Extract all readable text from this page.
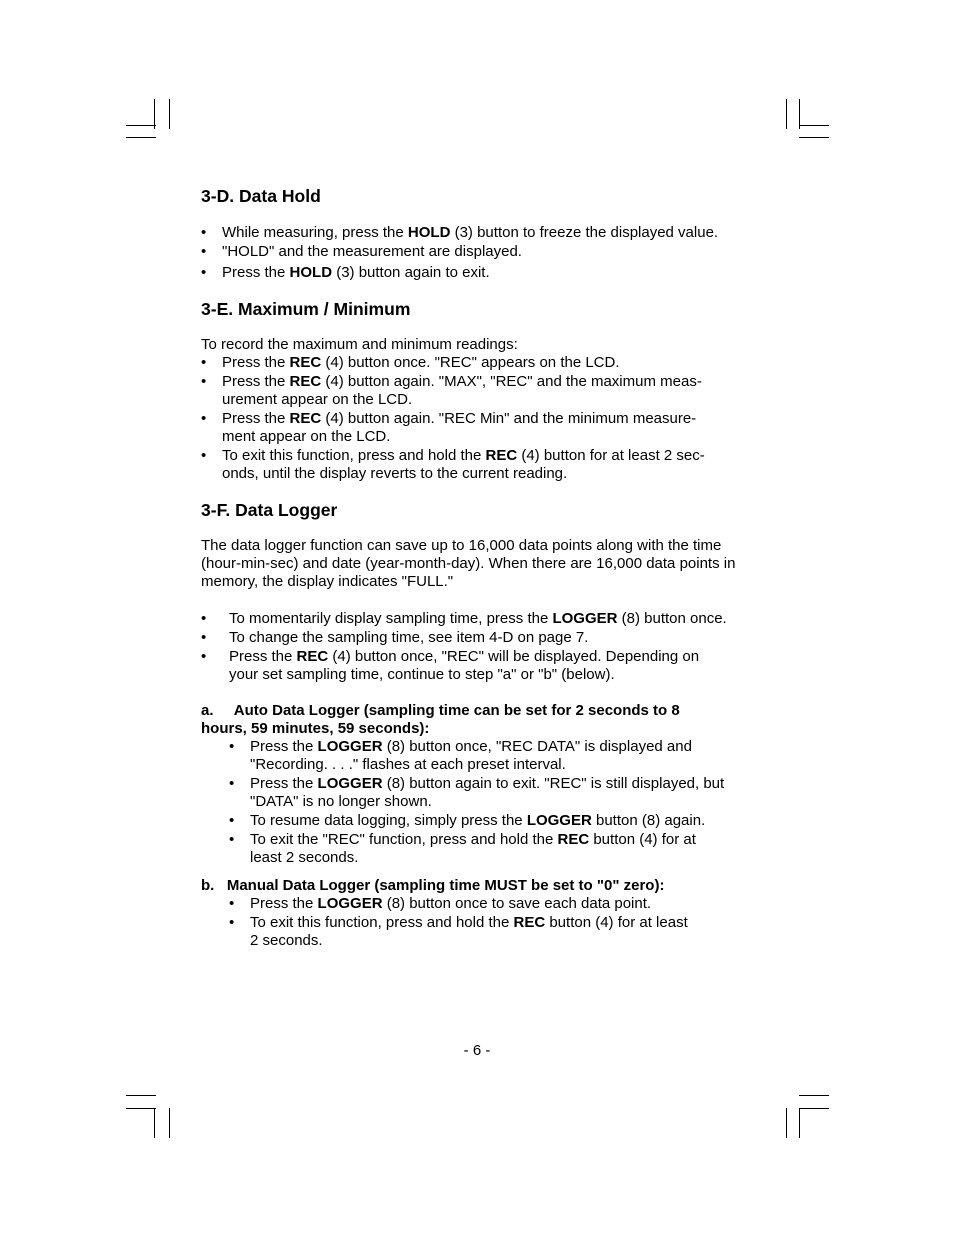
3-D. Data Hold
• While measuring, press the HOLD (3) button to freeze the displayed value.
• "HOLD" and the measurement are displayed.
• Press the HOLD (3) button again to exit.
3-E. Maximum / Minimum

To record the maximum and minimum readings:

• Press the REC (4) button once. "REC" appears on the LCD.
• Press the REC (4) button again. "MAX", "REC" and the maximum meas-urement appear on the LCD.
• Press the REC (4) button again. "REC Min" and the minimum measure-ment appear on the LCD.
• To exit this function, press and hold the REC (4) button for at least 2 sec-onds, until the display reverts to the current reading.
3-F. Data Logger

The data logger function can save up to 16,000 data points along with the time (hour-min-sec) and date (year-month-day). When there are 16,000 data points in memory, the display indicates "FULL."

• To momentarily display sampling time, press the LOGGER (8) button once.
• To change the sampling time, see item 4-D on page 7.
• Press the REC (4) button once, "REC" will be displayed. Depending on your set sampling time, continue to step "a" or "b" (below).

a.     Auto Data Logger (sampling time can be set for 2 seconds to 8 hours, 59 minutes, 59 seconds):

• Press the LOGGER (8) button once, "REC DATA" is displayed and "Recording. . . ." flashes at each preset interval.
• Press the LOGGER (8) button again to exit. "REC" is still displayed, but "DATA" is no longer shown.
• To resume data logging, simply press the LOGGER button (8) again.
• To exit the "REC" function, press and hold the REC button (4) for at least 2 seconds.

b.   Manual Data Logger (sampling time MUST be set to "0" zero):

• Press the LOGGER (8) button once to save each data point.
• To exit this function, press and hold the REC button (4) for at least 2 seconds.
- 6 -
